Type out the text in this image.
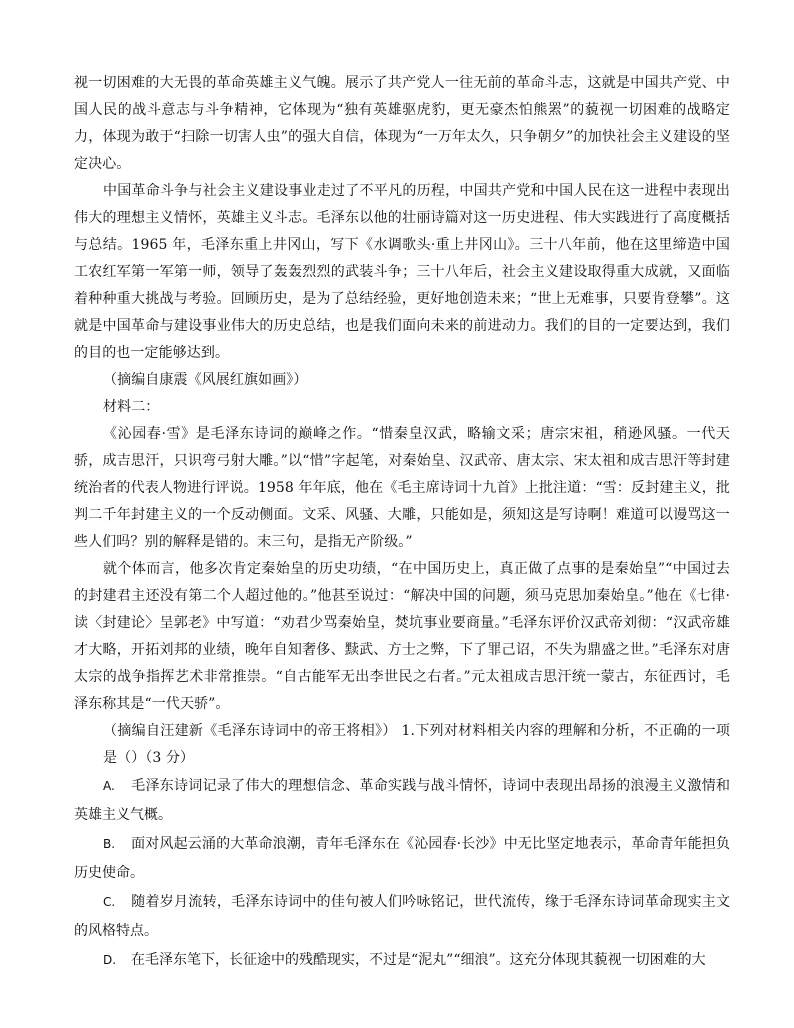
视一切困难的大无畏的革命英雄主义气魄。展示了共产党人一往无前的革命斗志，这就是中国共产党、中国人民的战斗意志与斗争精神，它体现为“独有英雄驱虎豹，更无豪杰怕熊罴”的藐视一切困难的战略定力，体现为敢于“扫除一切害人虫”的强大自信，体现为“一万年太久，只争朝夕”的加快社会主义建设的坚定决心。

中国革命斗争与社会主义建设事业走过了不平凡的历程，中国共产党和中国人民在这一进程中表现出伟大的理想主义情怀，英雄主义斗志。毛泽东以他的壮丽诗篇对这一历史进程、伟大实践进行了高度概括与总结。1965 年，毛泽东重上井冈山，写下《水调歌头·重上井冈山》。三十八年前，他在这里缔造中国工农红军第一军第一师，领导了轰轰烈烈的武装斗争；三十八年后，社会主义建设取得重大成就，又面临着种种重大挑战与考验。回顾历史，是为了总结经验，更好地创造未来；“世上无难事，只要肯登攀”。这就是中国革命与建设事业伟大的历史总结，也是我们面向未来的前进动力。我们的目的一定要达到，我们的目的也一定能够达到。

（摘编自康震《风展红旗如画》）

材料二：

《沁园春·雪》是毛泽东诗词的巅峰之作。“惜秦皇汉武，略输文采；唐宗宋祖，稍逊风骚。一代天骄，成吉思汗，只识弯弓射大雕。”以“惜”字起笔，对秦始皇、汉武帝、唐太宗、宋太祖和成吉思汗等封建统治者的代表人物进行评说。1958 年年底，他在《毛主席诗词十九首》上批注道：“雪：反封建主义，批判二千年封建主义的一个反动侧面。文采、风骚、大雕，只能如是，须知这是写诗啊！难道可以谩骂这一些人们吗？别的解释是错的。末三句，是指无产阶级。”

就个体而言，他多次肯定秦始皇的历史功绩，“在中国历史上，真正做了点事的是秦始皇”“中国过去的封建君主还没有第二个人超过他的。”他甚至说过：“解决中国的问题，须马克思加秦始皇。”他在《七律·读〈封建论〉呈郭老》中写道：“劝君少骂秦始皇，焚坑事业要商量。”毛泽东评价汉武帝刘彻：“汉武帝雄才大略，开拓刘邦的业绩，晚年自知奢侈、黩武、方士之弊，下了罪己诏，不失为鼎盛之世。”毛泽东对唐太宗的战争指挥艺术非常推崇。“自古能军无出李世民之右者。”元太祖成吉思汗统一蒙古，东征西讨，毛泽东称其是“一代天骄”。

（摘编自汪建新《毛泽东诗词中的帝王将相》） 1.下列对材料相关内容的理解和分析，不正确的一项是（）（3 分）

A. 毛泽东诗词记录了伟大的理想信念、革命实践与战斗情怀，诗词中表现出昂扬的浪漫主义激情和英雄主义气概。

B. 面对风起云涌的大革命浪潮，青年毛泽东在《沁园春·长沙》中无比坚定地表示，革命青年能担负历史使命。

C. 随着岁月流转，毛泽东诗词中的佳句被人们吟咏铭记，世代流传，缘于毛泽东诗词革命现实主文的风格特点。

D. 在毛泽东笔下，长征途中的残酷现实，不过是“泥丸”“细浪”。这充分体现其藐视一切困难的大
